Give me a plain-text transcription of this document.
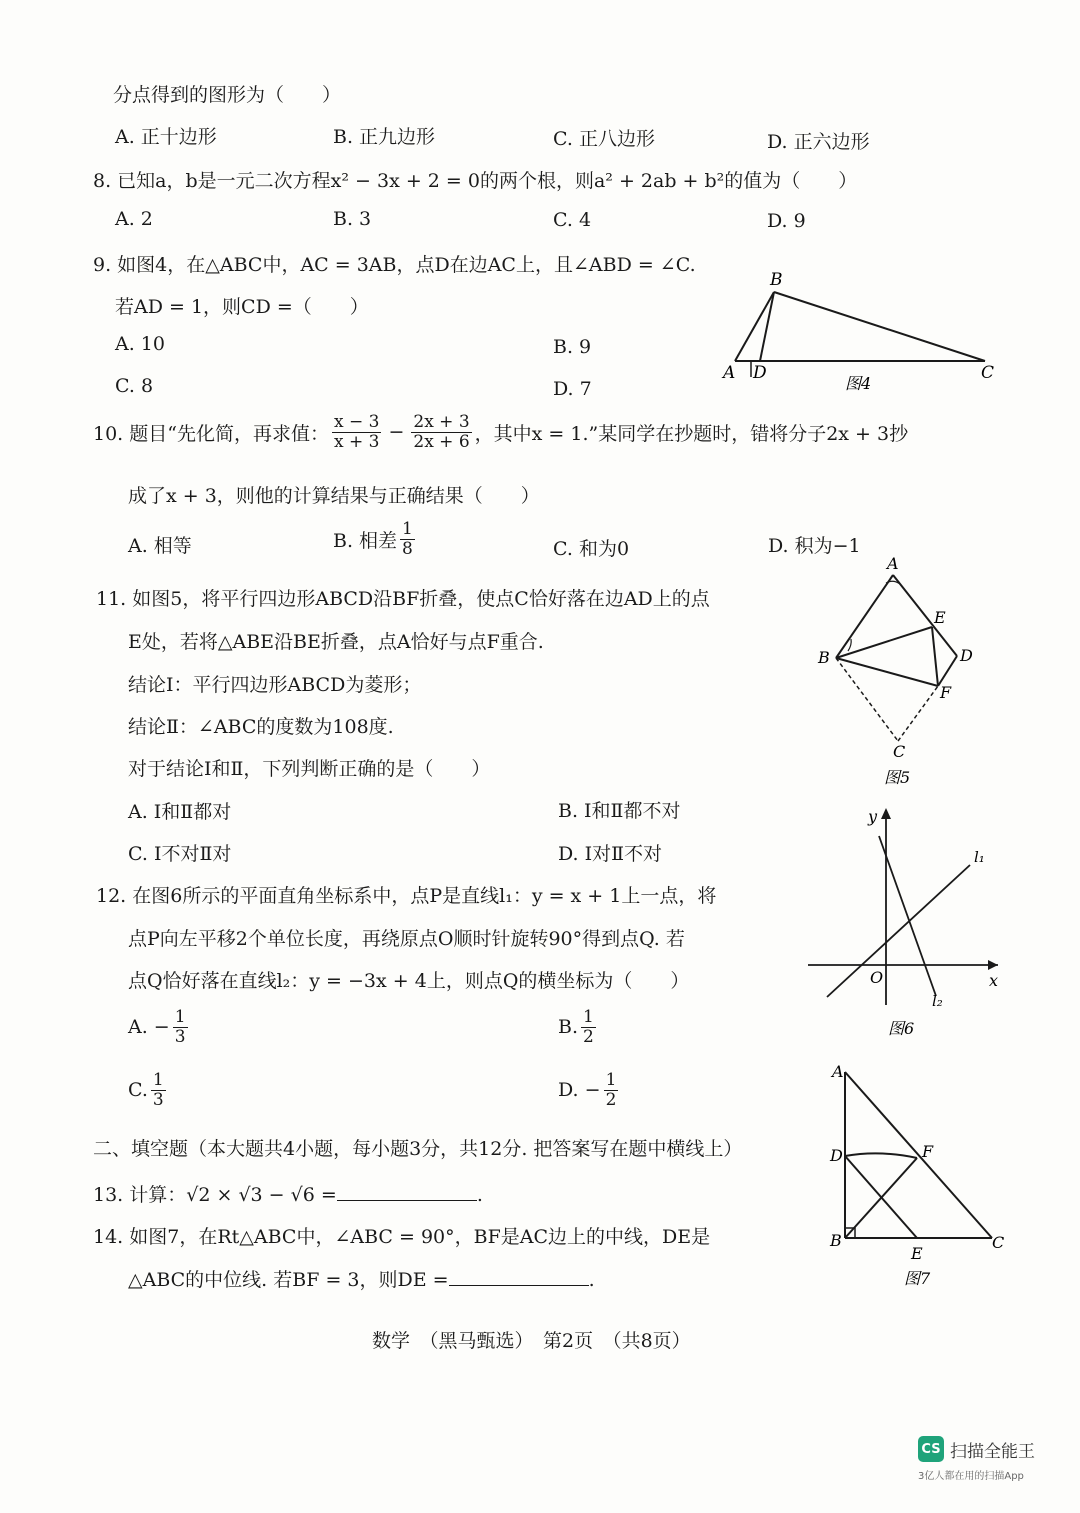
分点得到的图形为（　　）
A. 正十边形	B. 正九边形	C. 正八边形	D. 正六边形
8. 已知a，b是一元二次方程x² − 3x + 2 = 0的两个根，则a² + 2ab + b²的值为（　　）
A. 2	B. 3	C. 4	D. 9
9. 如图4，在△ABC中，AC = 3AB，点D在边AC上，且∠ABD = ∠C.
若AD = 1，则CD =（　　）
A. 10	B. 9
C. 8	D. 7
B
A D	C
图4
10. 题目“先化简，再求值： $\frac{x - 3}{x + 3} - \frac{2x + 3}{2x + 6}$ ，其中x = 1.”某同学在抄题时，错将分子2x + 3抄
成了x + 3，则他的计算结果与正确结果（　　）
A. 相等	B. 相差 $\frac{1}{8}$	C. 和为0	D. 积为−1
11. 如图5，将平行四边形ABCD沿BF折叠，使点C恰好落在边AD上的点
E处，若将△ABE沿BE折叠，点A恰好与点F重合.
结论Ⅰ：平行四边形ABCD为菱形；
结论Ⅱ：∠ABC的度数为108度.
对于结论Ⅰ和Ⅱ，下列判断正确的是（　　）
A. Ⅰ和Ⅱ都对	B. Ⅰ和Ⅱ都不对
C. Ⅰ不对Ⅱ对	D. Ⅰ对Ⅱ不对
A
B
E
D
F
C
图5
12. 在图6所示的平面直角坐标系中，点P是直线l₁：y = x + 1上一点，将
点P向左平移2个单位长度，再绕原点O顺时针旋转90°得到点Q. 若
点Q恰好落在直线l₂：y = −3x + 4上，则点Q的横坐标为（　　）
A. − $\frac{1}{3}$	B. $\frac{1}{2}$
C. $\frac{1}{3}$	D. − $\frac{1}{2}$
y
x
O
l₁
l₂
图6
二、填空题（本大题共4小题，每小题3分，共12分. 把答案写在题中横线上）
13. 计算：√2 × √3 − √6 =	.
14. 如图7，在Rt△ABC中，∠ABC = 90°，BF是AC边上的中线，DE是
△ABC的中位线. 若BF = 3，则DE =	.
A
D	F
B
E
C
图7
数学　（黑马甄选）　第2页　（共8页）
CS 扫描全能王
3亿人都在用的扫描App
